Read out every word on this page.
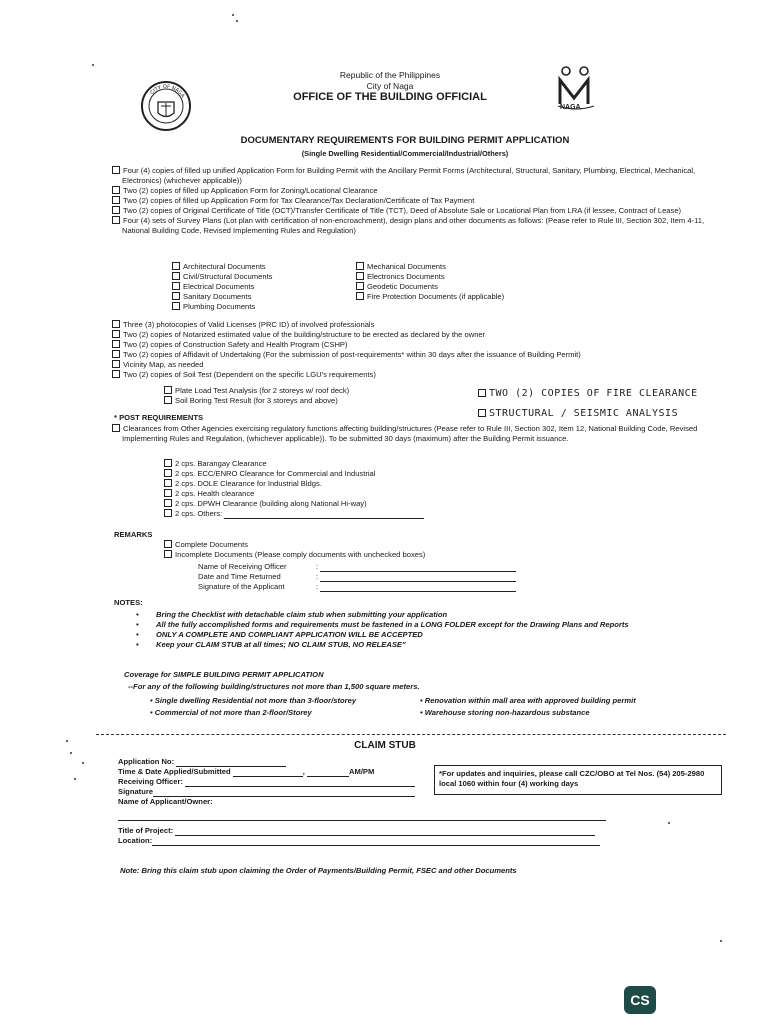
CITY OF NAGA
Republic of the Philippines
City of Naga
OFFICE OF THE BUILDING OFFICIAL
NAGA
DOCUMENTARY REQUIREMENTS FOR BUILDING PERMIT APPLICATION
(Single Dwelling Residential/Commercial/Industrial/Others)
Four (4) copies of filled up unified Application Form for Building Permit with the Ancillary Permit Forms (Architectural, Structural, Sanitary, Plumbing, Electrical, Mechanical, Electronics) (whichever applicable))
Two (2) copies of filled up Application Form for Zoning/Locational Clearance
Two (2) copies of filled up Application Form for Tax Clearance/Tax Declaration/Certificate of Tax Payment
Two (2) copies of Original Certificate of Title (OCT)/Transfer Certificate of Title (TCT), Deed of Absolute Sale or Locational Plan from LRA (if lessee, Contract of Lease)
Four (4) sets of Survey Plans (Lot plan with certification of non-encroachment), design plans and other documents as follows: (Pease refer to Rule III, Section 302, Item 4-11, National Building Code, Revised Implementing Rules and Regulation)
Architectural Documents
Civil/Structural Documents
Electrical Documents
Sanitary Documents
Plumbing Documents
Mechanical Documents
Electronics Documents
Geodetic Documents
Fire Protection Documents (if applicable)
Three (3) photocopies of Valid Licenses (PRC ID) of involved professionals
Two (2) copies of Notarized estimated value of the building/structure to be erected as declared by the owner
Two (2) copies of Construction Safety and Health Program (CSHP)
Two (2) copies of Affidavit of Undertaking (For the submission of post-requirements* within 30 days after the issuance of Building Permit)
Vicinity Map, as needed
Two (2) copies of Soil Test (Dependent on the specific LGU's requirements)
Plate Load Test Analysis (for 2 storeys w/ roof deck)
Soil Boring Test Result (for 3 storeys and above)
TWO (2) COPIES OF FIRE CLEARANCE
STRUCTURAL / SEISMIC ANALYSIS
* POST REQUIREMENTS
Clearances from Other Agencies exercising regulatory functions affecting building/structures (Pease refer to Rule III, Section 302, Item 12, National Building Code, Revised Implementing Rules and Regulation, (whichever applicable)). To be submitted 30 days (maximum) after the Building Permit issuance.
2 cps. Barangay Clearance
2 cps. ECC/ENRO Clearance for Commercial and Industrial
2 cps. DOLE Clearance for Industrial Bldgs.
2 cps. Health clearance
2 cps. DPWH Clearance (building along National Hi-way)
2 cps. Others:
REMARKS
Complete Documents
Incomplete Documents (Please comply documents with unchecked boxes)
Name of Receiving Officer	:
Date and Time Returned	:
Signature of the Applicant	:
NOTES:
• Bring the Checklist with detachable claim stub when submitting your application
• All the fully accomplished forms and requirements must be fastened in a LONG FOLDER except for the Drawing Plans and Reports
• ONLY A COMPLETE AND COMPLIANT APPLICATION WILL BE ACCEPTED
• Keep your CLAIM STUB at all times; NO CLAIM STUB, NO RELEASE"
Coverage for SIMPLE BUILDING PERMIT APPLICATION
--For any of the following building/structures not more than 1,500 square meters.
• Single dwelling Residential not more than 3-floor/storey
• Commercial of not more than 2-floor/Storey
• Renovation within mall area with approved building permit
• Warehouse storing non-hazardous substance
CLAIM STUB
Application No:
Time & Date Applied/Submitted	,	AM/PM
Receiving Officer:
Signature
Name of Applicant/Owner:
*For updates and inquiries, please call CZC/OBO at Tel Nos. (54) 205-2980 local 1060 within four (4) working days
Title of Project:
Location:
Note: Bring this claim stub upon claiming the Order of Payments/Building Permit, FSEC and other Documents
CS
